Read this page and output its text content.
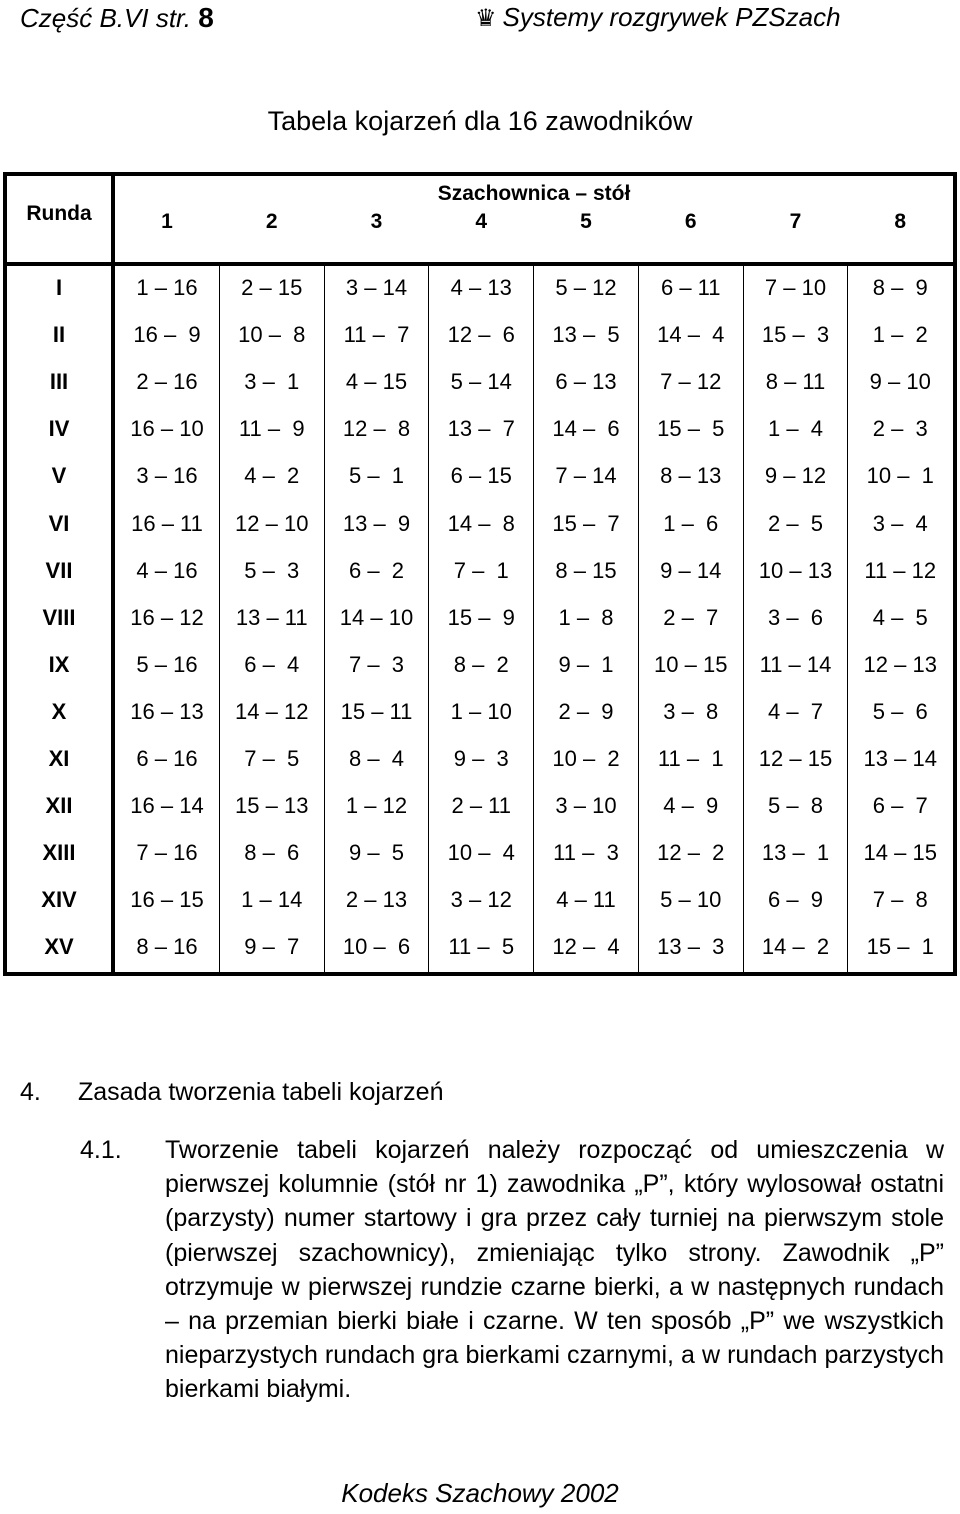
Część B.VI str. 8	♛ Systemy rozgrywek PZSzach
Tabela kojarzeń dla 16 zawodników
Runda
Szachownica – stół
1	2	3	4	5	6	7	8
I	1 – 16	2 – 15	3 – 14	4 – 13	5 – 12	6 – 11	7 – 10	8 –  9
II	16 –  9	10 –  8	11 –  7	12 –  6	13 –  5	14 –  4	15 –  3	1 –  2
III	2 – 16	3 –  1	4 – 15	5 – 14	6 – 13	7 – 12	8 – 11	9 – 10
IV	16 – 10	11 –  9	12 –  8	13 –  7	14 –  6	15 –  5	1 –  4	2 –  3
V	3 – 16	4 –  2	5 –  1	6 – 15	7 – 14	8 – 13	9 – 12	10 –  1
VI	16 – 11	12 – 10	13 –  9	14 –  8	15 –  7	1 –  6	2 –  5	3 –  4
VII	4 – 16	5 –  3	6 –  2	7 –  1	8 – 15	9 – 14	10 – 13	11 – 12
VIII	16 – 12	13 – 11	14 – 10	15 –  9	1 –  8	2 –  7	3 –  6	4 –  5
IX	5 – 16	6 –  4	7 –  3	8 –  2	9 –  1	10 – 15	11 – 14	12 – 13
X	16 – 13	14 – 12	15 – 11	1 – 10	2 –  9	3 –  8	4 –  7	5 –  6
XI	6 – 16	7 –  5	8 –  4	9 –  3	10 –  2	11 –  1	12 – 15	13 – 14
XII	16 – 14	15 – 13	1 – 12	2 – 11	3 – 10	4 –  9	5 –  8	6 –  7
XIII	7 – 16	8 –  6	9 –  5	10 –  4	11 –  3	12 –  2	13 –  1	14 – 15
XIV	16 – 15	1 – 14	2 – 13	3 – 12	4 – 11	5 – 10	6 –  9	7 –  8
XV	8 – 16	9 –  7	10 –  6	11 –  5	12 –  4	13 –  3	14 –  2	15 –  1
4. Zasada tworzenia tabeli kojarzeń
4.1. Tworzenie tabeli kojarzeń należy rozpocząć od umieszczenia w pierwszej kolumnie (stół nr 1) zawodnika „P”, który wylosował ostatni (parzysty) numer startowy i gra przez cały turniej na pierwszym stole (pierwszej szachownicy), zmieniając tylko strony. Zawodnik „P” otrzymuje w pierwszej rundzie czarne bierki, a w następnych rundach – na przemian bierki białe i czarne. W ten sposób „P” we wszystkich nieparzystych rundach gra bierkami czarnymi, a w rundach parzystych bierkami białymi.
Kodeks Szachowy 2002
